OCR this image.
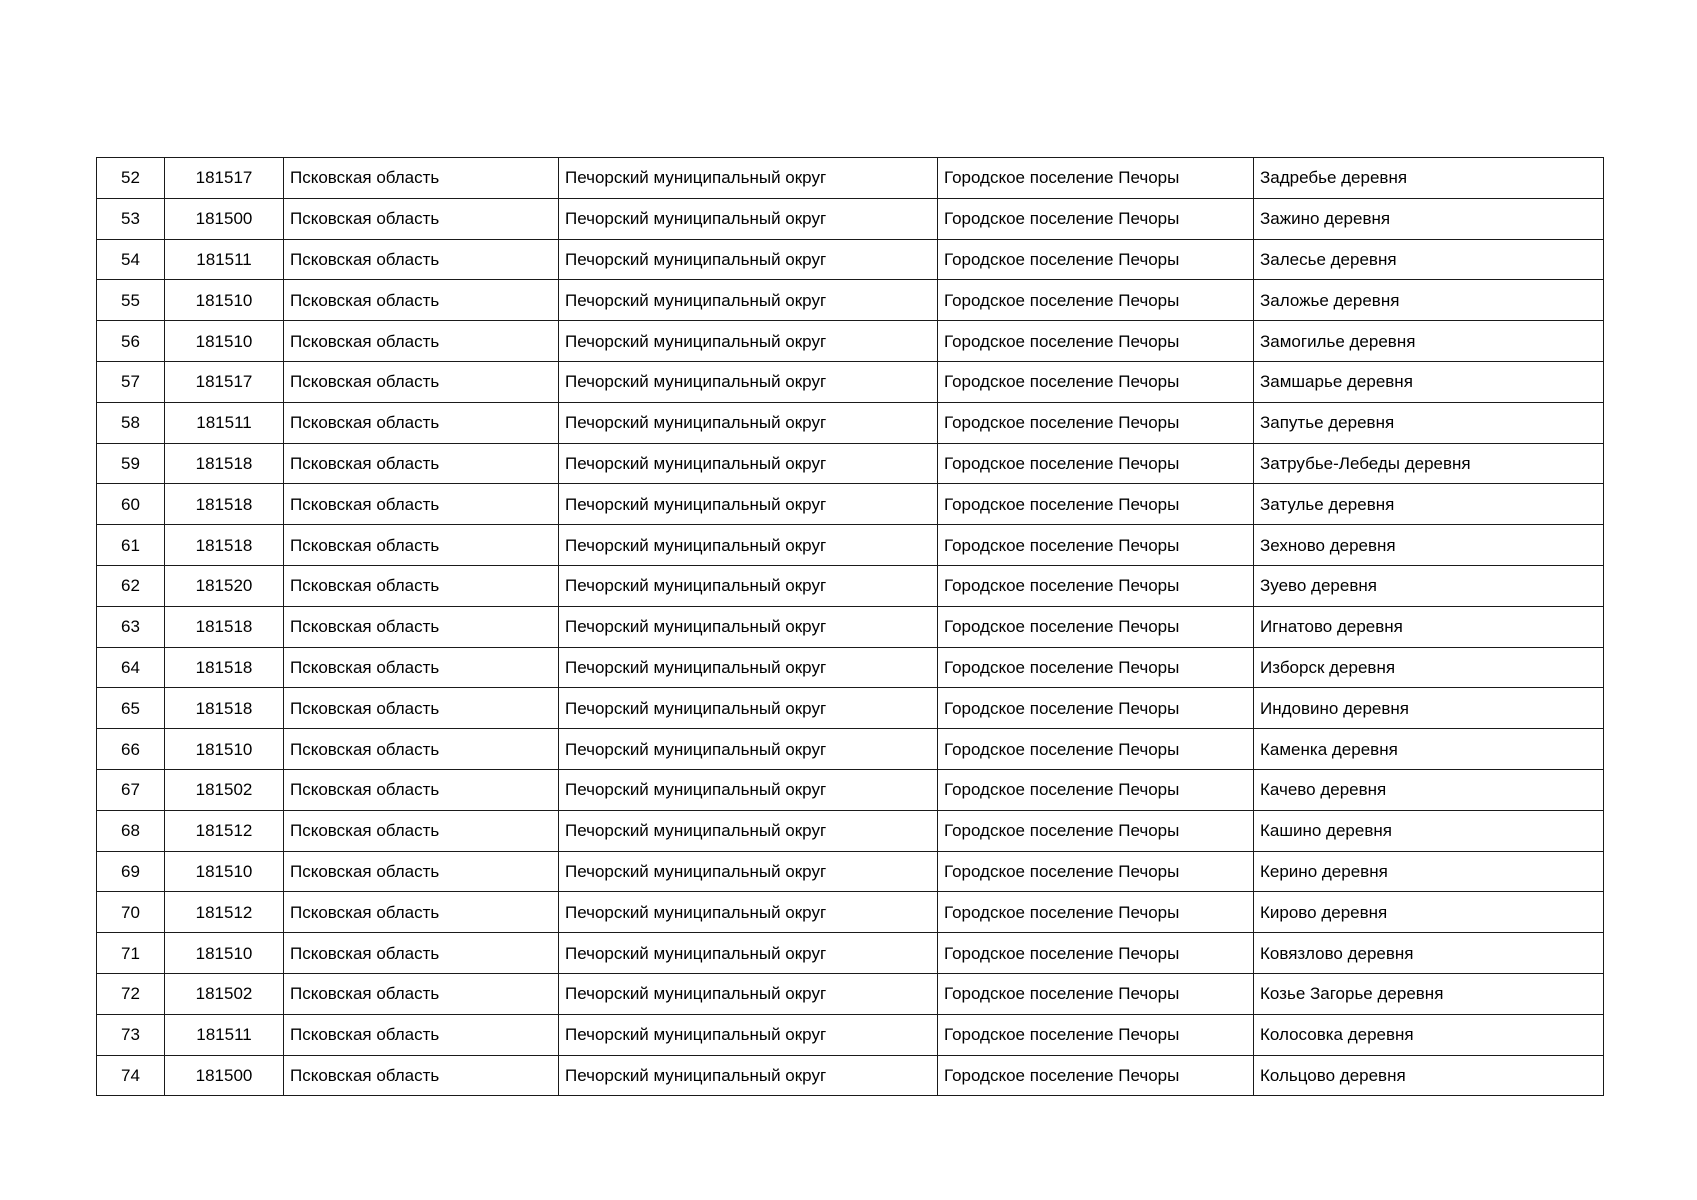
52	181517	Псковская область	Печорский муниципальный округ	Городское поселение Печоры	Задребье деревня
53	181500	Псковская область	Печорский муниципальный округ	Городское поселение Печоры	Зажино деревня
54	181511	Псковская область	Печорский муниципальный округ	Городское поселение Печоры	Залесье деревня
55	181510	Псковская область	Печорский муниципальный округ	Городское поселение Печоры	Заложье деревня
56	181510	Псковская область	Печорский муниципальный округ	Городское поселение Печоры	Замогилье деревня
57	181517	Псковская область	Печорский муниципальный округ	Городское поселение Печоры	Замшарье деревня
58	181511	Псковская область	Печорский муниципальный округ	Городское поселение Печоры	Запутье деревня
59	181518	Псковская область	Печорский муниципальный округ	Городское поселение Печоры	Затрубье-Лебеды деревня
60	181518	Псковская область	Печорский муниципальный округ	Городское поселение Печоры	Затулье деревня
61	181518	Псковская область	Печорский муниципальный округ	Городское поселение Печоры	Зехново деревня
62	181520	Псковская область	Печорский муниципальный округ	Городское поселение Печоры	Зуево деревня
63	181518	Псковская область	Печорский муниципальный округ	Городское поселение Печоры	Игнатово деревня
64	181518	Псковская область	Печорский муниципальный округ	Городское поселение Печоры	Изборск деревня
65	181518	Псковская область	Печорский муниципальный округ	Городское поселение Печоры	Индовино деревня
66	181510	Псковская область	Печорский муниципальный округ	Городское поселение Печоры	Каменка деревня
67	181502	Псковская область	Печорский муниципальный округ	Городское поселение Печоры	Качево деревня
68	181512	Псковская область	Печорский муниципальный округ	Городское поселение Печоры	Кашино деревня
69	181510	Псковская область	Печорский муниципальный округ	Городское поселение Печоры	Керино деревня
70	181512	Псковская область	Печорский муниципальный округ	Городское поселение Печоры	Кирово деревня
71	181510	Псковская область	Печорский муниципальный округ	Городское поселение Печоры	Ковязлово деревня
72	181502	Псковская область	Печорский муниципальный округ	Городское поселение Печоры	Козье Загорье деревня
73	181511	Псковская область	Печорский муниципальный округ	Городское поселение Печоры	Колосовка деревня
74	181500	Псковская область	Печорский муниципальный округ	Городское поселение Печоры	Кольцово деревня
